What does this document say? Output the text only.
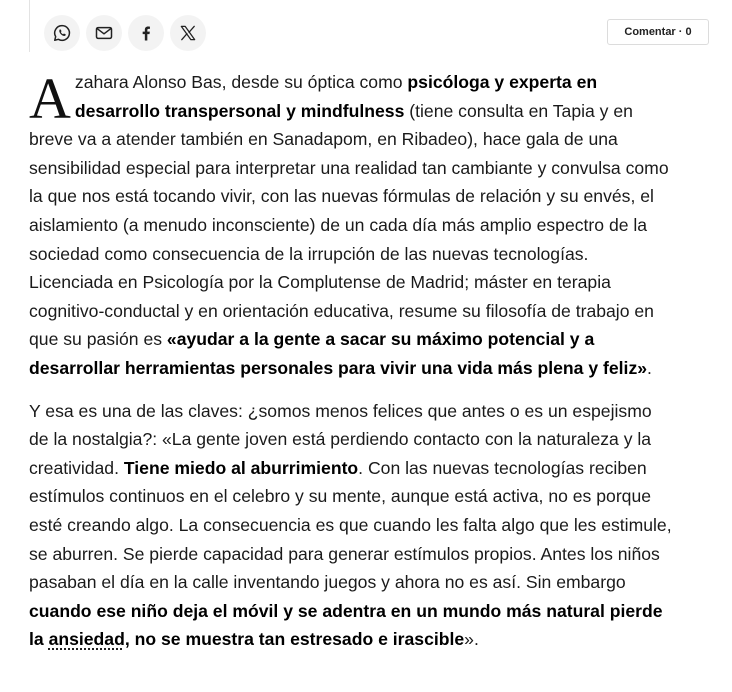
Comentar · 0

A zahara Alonso Bas, desde su óptica como psicóloga y experta en
desarrollo transpersonal y mindfulness (tiene consulta en Tapia y en
breve va a atender también en Sanadapom, en Ribadeo), hace gala de una
sensibilidad especial para interpretar una realidad tan cambiante y convulsa como
la que nos está tocando vivir, con las nuevas fórmulas de relación y su envés, el
aislamiento (a menudo inconsciente) de un cada día más amplio espectro de la
sociedad como consecuencia de la irrupción de las nuevas tecnologías.
Licenciada en Psicología por la Complutense de Madrid; máster en terapia
cognitivo-conductal y en orientación educativa, resume su filosofía de trabajo en
que su pasión es «ayudar a la gente a sacar su máximo potencial y a
desarrollar herramientas personales para vivir una vida más plena y feliz».

Y esa es una de las claves: ¿somos menos felices que antes o es un espejismo
de la nostalgia?: «La gente joven está perdiendo contacto con la naturaleza y la
creatividad. Tiene miedo al aburrimiento. Con las nuevas tecnologías reciben
estímulos continuos en el celebro y su mente, aunque está activa, no es porque
esté creando algo. La consecuencia es que cuando les falta algo que les estimule,
se aburren. Se pierde capacidad para generar estímulos propios. Antes los niños
pasaban el día en la calle inventando juegos y ahora no es así. Sin embargo
cuando ese niño deja el móvil y se adentra en un mundo más natural pierde
la ansiedad, no se muestra tan estresado e irascible».
